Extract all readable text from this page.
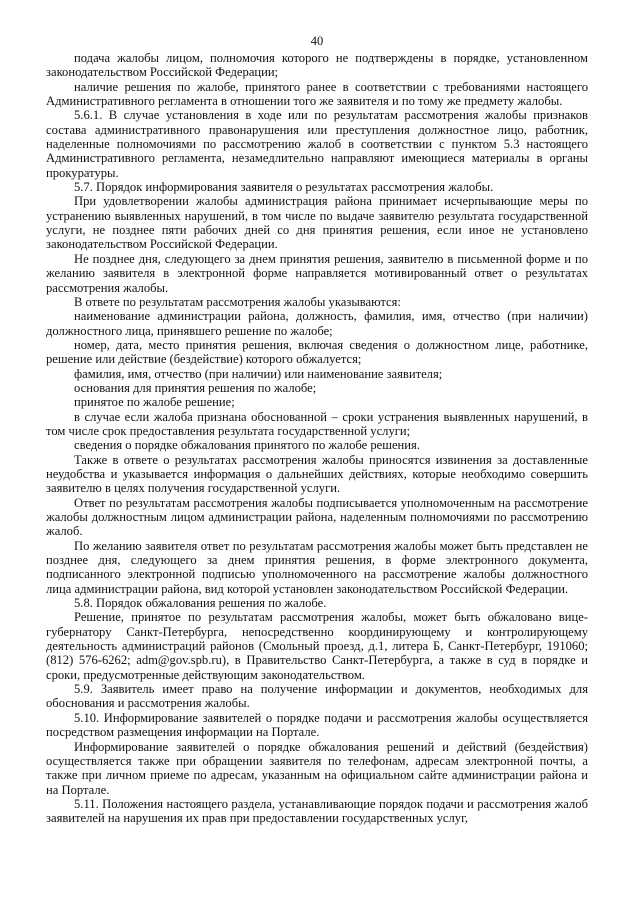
40

подача жалобы лицом, полномочия которого не подтверждены в порядке, установленном законодательством Российской Федерации;

наличие решения по жалобе, принятого ранее в соответствии с требованиями настоящего Административного регламента в отношении того же заявителя и по тому же предмету жалобы.

5.6.1. В случае установления в ходе или по результатам рассмотрения жалобы признаков состава административного правонарушения или преступления должностное лицо, работник, наделенные полномочиями по рассмотрению жалоб в соответствии с пунктом 5.3 настоящего Административного регламента, незамедлительно направляют имеющиеся материалы в органы прокуратуры.

5.7. Порядок информирования заявителя о результатах рассмотрения жалобы.

При удовлетворении жалобы администрация района принимает исчерпывающие меры по устранению выявленных нарушений, в том числе по выдаче заявителю результата государственной услуги, не позднее пяти рабочих дней со дня принятия решения, если иное не установлено законодательством Российской Федерации.

Не позднее дня, следующего за днем принятия решения, заявителю в письменной форме и по желанию заявителя в электронной форме направляется мотивированный ответ о результатах рассмотрения жалобы.

В ответе по результатам рассмотрения жалобы указываются:

наименование администрации района, должность, фамилия, имя, отчество (при наличии) должностного лица, принявшего решение по жалобе;

номер, дата, место принятия решения, включая сведения о должностном лице, работнике, решение или действие (бездействие) которого обжалуется;

фамилия, имя, отчество (при наличии) или наименование заявителя;

основания для принятия решения по жалобе;

принятое по жалобе решение;

в случае если жалоба признана обоснованной – сроки устранения выявленных нарушений, в том числе срок предоставления результата государственной услуги;

сведения о порядке обжалования принятого по жалобе решения.

Также в ответе о результатах рассмотрения жалобы приносятся извинения за доставленные неудобства и указывается информация о дальнейших действиях, которые необходимо совершить заявителю в целях получения государственной услуги.

Ответ по результатам рассмотрения жалобы подписывается уполномоченным на рассмотрение жалобы должностным лицом администрации района, наделенным полномочиями по рассмотрению жалоб.

По желанию заявителя ответ по результатам рассмотрения жалобы может быть представлен не позднее дня, следующего за днем принятия решения, в форме электронного документа, подписанного электронной подписью уполномоченного на рассмотрение жалобы должностного лица администрации района, вид которой установлен законодательством Российской Федерации.

5.8. Порядок обжалования решения по жалобе.

Решение, принятое по результатам рассмотрения жалобы, может быть обжаловано вице-губернатору Санкт-Петербурга, непосредственно координирующему и контролирующему деятельность администраций районов (Смольный проезд, д.1, литера Б, Санкт-Петербург, 191060; (812) 576-6262; adm@gov.spb.ru), в Правительство Санкт-Петербурга, а также в суд в порядке и сроки, предусмотренные действующим законодательством.

5.9. Заявитель имеет право на получение информации и документов, необходимых для обоснования и рассмотрения жалобы.

5.10. Информирование заявителей о порядке подачи и рассмотрения жалобы осуществляется посредством размещения информации на Портале.

Информирование заявителей о порядке обжалования решений и действий (бездействия) осуществляется также при обращении заявителя по телефонам, адресам электронной почты, а также при личном приеме по адресам, указанным на официальном сайте администрации района и на Портале.

5.11. Положения настоящего раздела, устанавливающие порядок подачи и рассмотрения жалоб заявителей на нарушения их прав при предоставлении государственных услуг,
